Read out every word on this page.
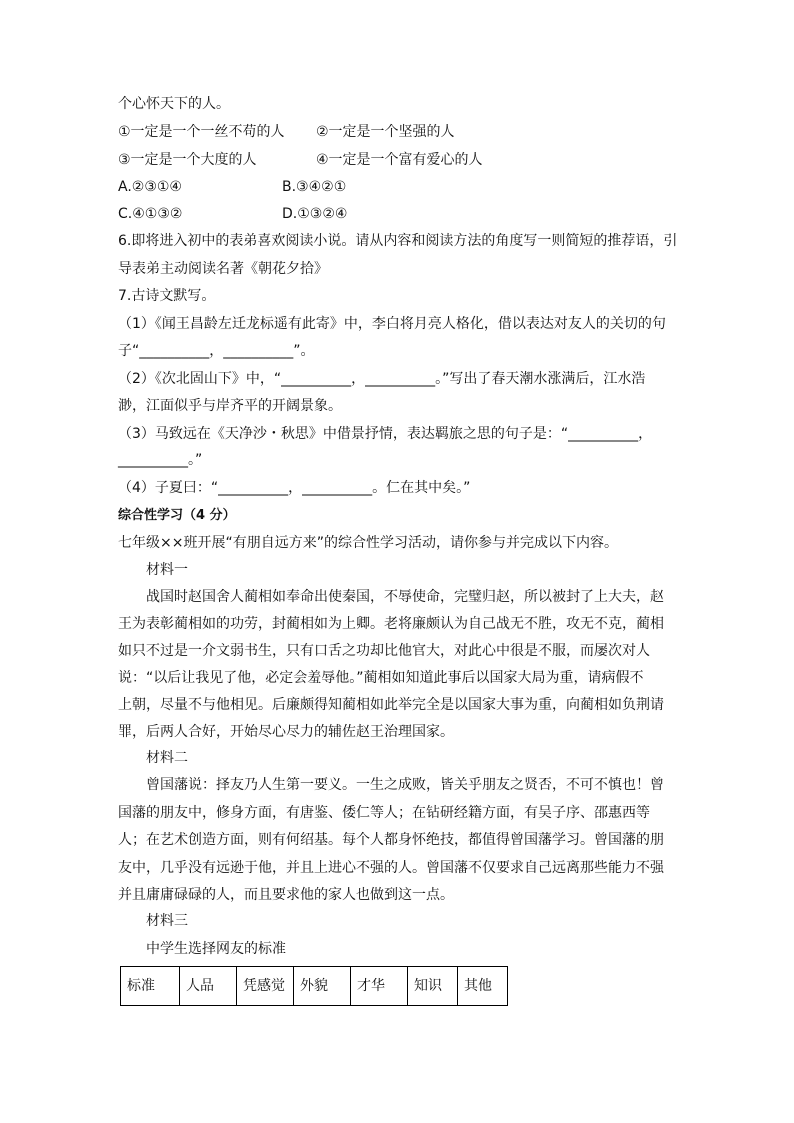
个心怀天下的人。
①一定是一个一丝不苟的人 ②一定是一个坚强的人
③一定是一个大度的人	④一定是一个富有爱心的人
A.②③①④	B.③④②①
C.④①③②	D.①③②④
6.即将进入初中的表弟喜欢阅读小说。请从内容和阅读方法的角度写一则简短的推荐语，引
导表弟主动阅读名著《朝花夕拾》
7.古诗文默写。
（1）《闻王昌龄左迁龙标遥有此寄》中，李白将月亮人格化，借以表达对友人的关切的句
子“__________，__________”。
（2）《次北固山下》中，“__________，__________。”写出了春天潮水涨满后，江水浩
渺，江面似乎与岸齐平的开阔景象。
（3）马致远在《天净沙・秋思》中借景抒情，表达羁旅之思的句子是：“__________，
__________。”
（4）子夏曰：“__________，__________。仁在其中矣。”
综合性学习（4 分）
七年级××班开展“有朋自远方来”的综合性学习活动，请你参与并完成以下内容。
材料一
战国时赵国舍人蔺相如奉命出使秦国，不辱使命，完璧归赵，所以被封了上大夫，赵
王为表彰蔺相如的功劳，封蔺相如为上卿。老将廉颇认为自己战无不胜，攻无不克，蔺相
如只不过是一介文弱书生，只有口舌之功却比他官大，对此心中很是不服，而屡次对人
说：“以后让我见了他，必定会羞辱他。”蔺相如知道此事后以国家大局为重，请病假不
上朝，尽量不与他相见。后廉颇得知蔺相如此举完全是以国家大事为重，向蔺相如负荆请
罪，后两人合好，开始尽心尽力的辅佐赵王治理国家。
材料二
曾国藩说：择友乃人生第一要义。一生之成败，皆关乎朋友之贤否，不可不慎也！曾
国藩的朋友中，修身方面，有唐鉴、倭仁等人；在钻研经籍方面，有吴子序、邵惠西等
人；在艺术创造方面，则有何绍基。每个人都身怀绝技，都值得曾国藩学习。曾国藩的朋
友中，几乎没有远逊于他，并且上进心不强的人。曾国藩不仅要求自己远离那些能力不强
并且庸庸碌碌的人，而且要求他的家人也做到这一点。
材料三
中学生选择网友的标准
标准	人品	凭感觉	外貌	才华	知识	其他
